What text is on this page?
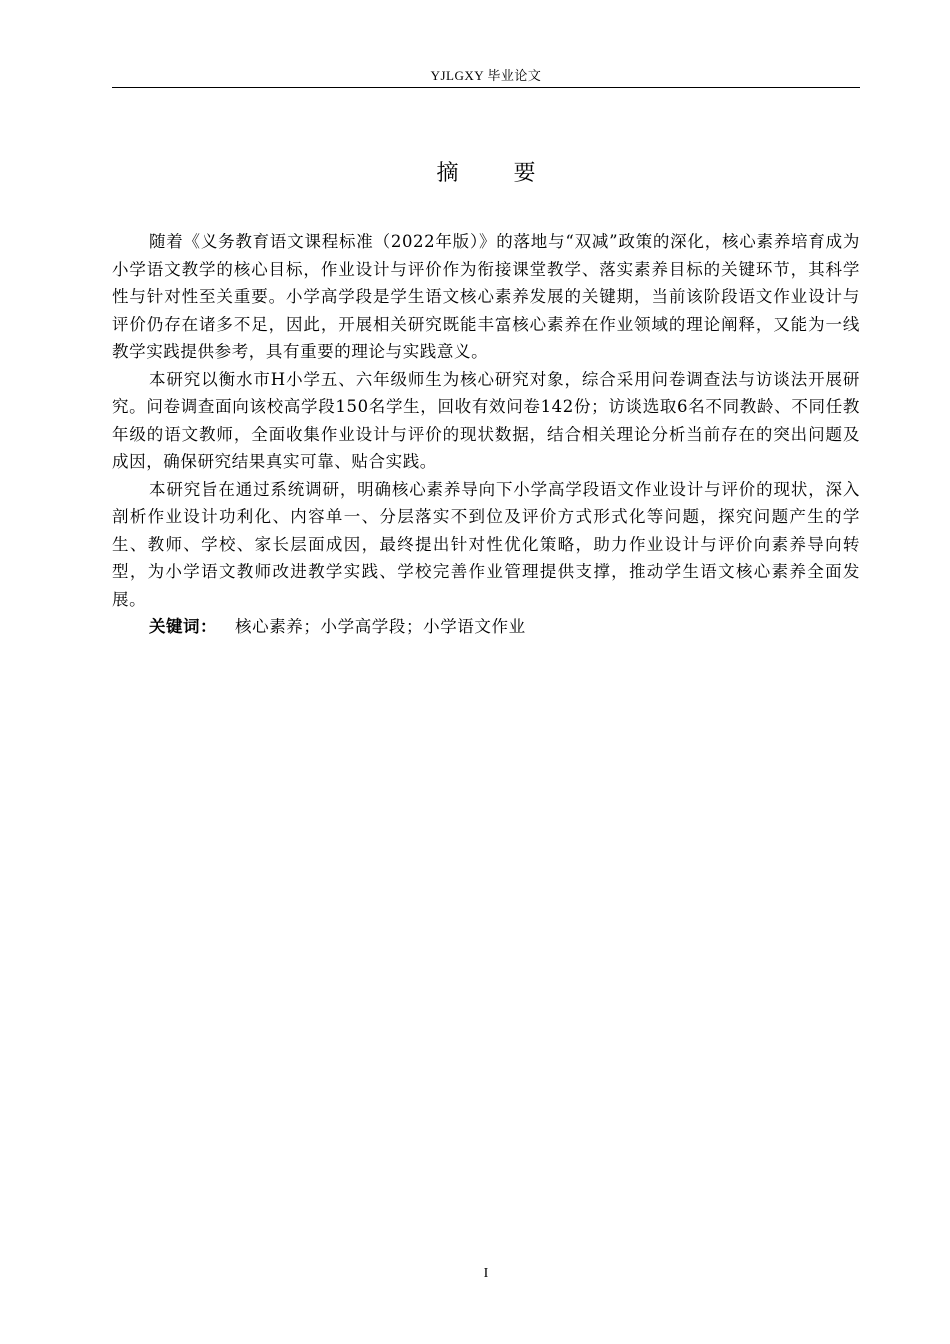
YJLGXY 毕业论文
摘 要

随着《义务教育语文课程标准（2022年版）》的落地与“双减”政策的深化，核心素养培育成为小学语文教学的核心目标，作业设计与评价作为衔接课堂教学、落实素养目标的关键环节，其科学性与针对性至关重要。小学高学段是学生语文核心素养发展的关键期，当前该阶段语文作业设计与评价仍存在诸多不足，因此，开展相关研究既能丰富核心素养在作业领域的理论阐释，又能为一线教学实践提供参考，具有重要的理论与实践意义。

本研究以衡水市H小学五、六年级师生为核心研究对象，综合采用问卷调查法与访谈法开展研究。问卷调查面向该校高学段150名学生，回收有效问卷142份；访谈选取6名不同教龄、不同任教年级的语文教师，全面收集作业设计与评价的现状数据，结合相关理论分析当前存在的突出问题及成因，确保研究结果真实可靠、贴合实践。

本研究旨在通过系统调研，明确核心素养导向下小学高学段语文作业设计与评价的现状，深入剖析作业设计功利化、内容单一、分层落实不到位及评价方式形式化等问题，探究问题产生的学生、教师、学校、家长层面成因，最终提出针对性优化策略，助力作业设计与评价向素养导向转型，为小学语文教师改进教学实践、学校完善作业管理提供支撑，推动学生语文核心素养全面发展。

关键词： 核心素养；小学高学段；小学语文作业

I
